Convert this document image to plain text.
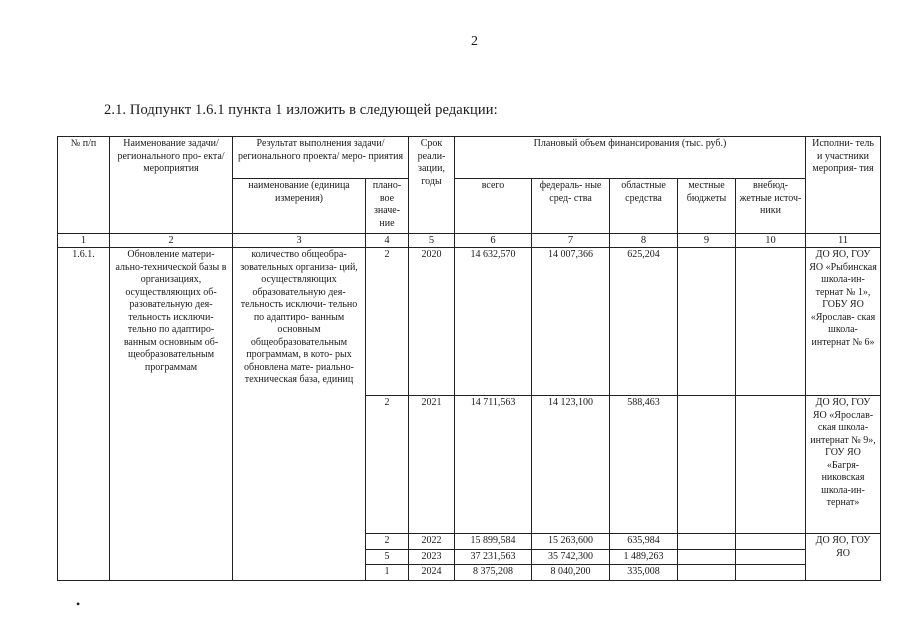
2
2.1. Подпункт 1.6.1 пункта 1 изложить в следующей редакции:
№ п/п	Наименование задачи/ регионального про- екта/ мероприятия	Результат выполнения задачи/ регионального проекта/ меро- приятия		Срок реали- зации, годы	Плановый объем финансирования (тыс. руб.)					Исполни- тель и участники мероприя- тия
		наименование (единица измерения)	плано- вое значе- ние		всего	федераль- ные сред- ства	областные средства	местные бюджеты	внебюд- жетные источ- ники	
1	2	3	4	5	6	7	8	9	10	11
1.6.1.	Обновление матери- ально-технической базы в организациях, осуществляющих об- разовательную дея- тельность исключи- тельно по адаптиро- ванным основным об- щеобразовательным программам	количество общеобра- зовательных организа- ций, осуществляющих образовательную дея- тельность исключи- тельно по адаптиро- ванным основным общеобразовательным программам, в кото- рых обновлена мате- риально-техническая база, единиц	2	2020	14 632,570	14 007,366	625,204			ДО ЯО, ГОУ ЯО «Рыбинская школа-ин- тернат № 1», ГОБУ ЯО «Ярослав- ская школа- интернат № 6»
			2	2021	14 711,563	14 123,100	588,463			ДО ЯО, ГОУ ЯО «Ярослав- ская школа- интернат № 9», ГОУ ЯО «Багря- никовская школа-ин- тернат»
			2	2022	15 899,584	15 263,600	635,984			ДО ЯО, ГОУ ЯО
			5	2023	37 231,563	35 742,300	1 489,263			
			1	2024	8 375,208	8 040,200	335,008			
•
